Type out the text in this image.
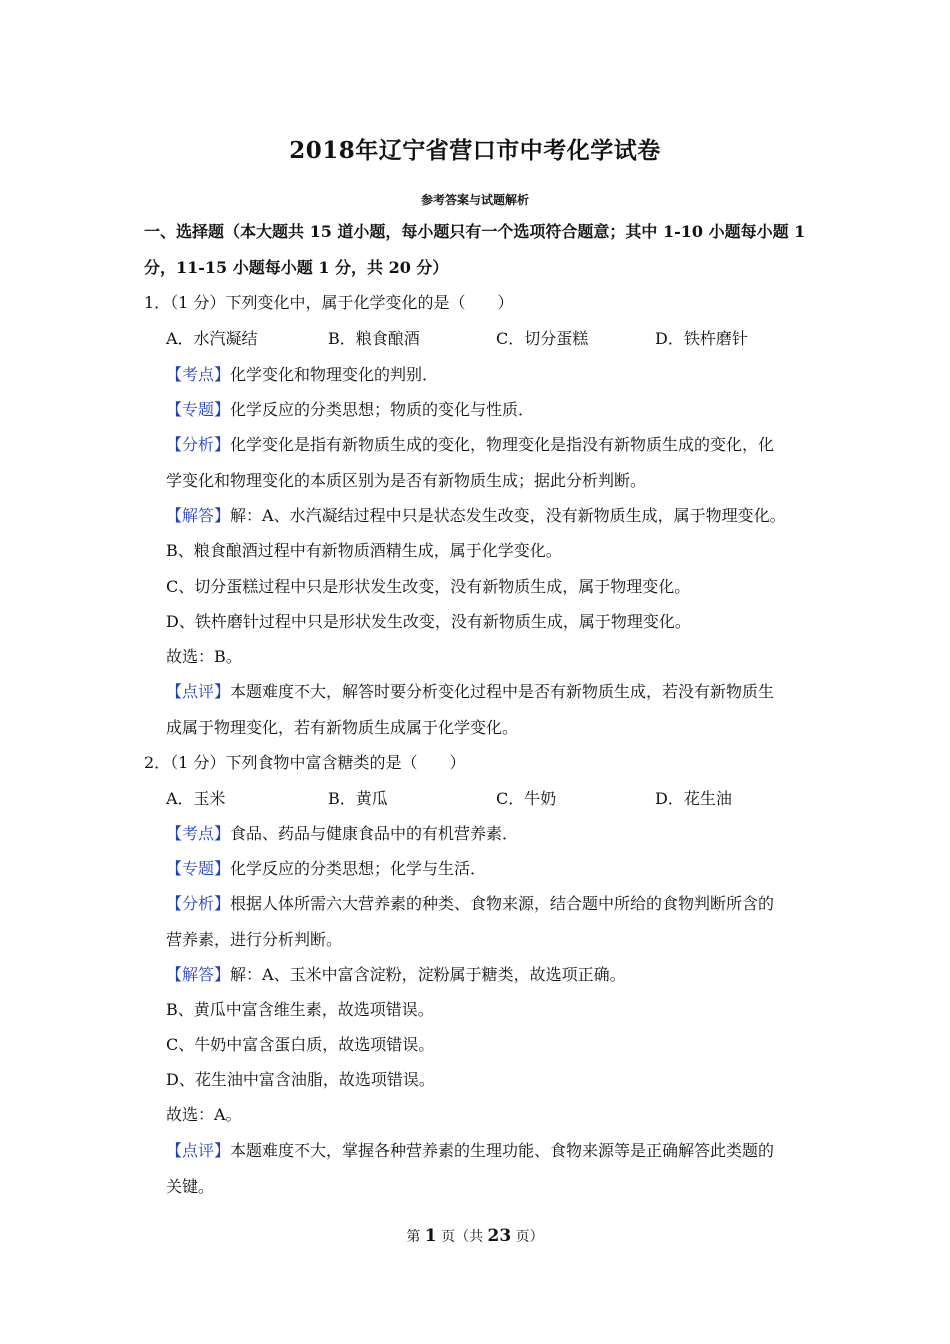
2018年辽宁省营口市中考化学试卷
参考答案与试题解析
一、选择题（本大题共 15 道小题，每小题只有一个选项符合题意；其中 1-10 小题每小题 1
分，11-15 小题每小题 1 分，共 20 分）
1．（1 分）下列变化中，属于化学变化的是（　　）
A．水汽凝结	B．粮食酿酒	C．切分蛋糕	D．铁杵磨针
【考点】化学变化和物理变化的判别．
【专题】化学反应的分类思想；物质的变化与性质．
【分析】化学变化是指有新物质生成的变化，物理变化是指没有新物质生成的变化，化
学变化和物理变化的本质区别为是否有新物质生成；据此分析判断。
【解答】解：A、水汽凝结过程中只是状态发生改变，没有新物质生成，属于物理变化。
B、粮食酿酒过程中有新物质酒精生成，属于化学变化。
C、切分蛋糕过程中只是形状发生改变，没有新物质生成，属于物理变化。
D、铁杵磨针过程中只是形状发生改变，没有新物质生成，属于物理变化。
故选：B。
【点评】本题难度不大，解答时要分析变化过程中是否有新物质生成，若没有新物质生
成属于物理变化，若有新物质生成属于化学变化。
2．（1 分）下列食物中富含糖类的是（　　）
A．玉米	B．黄瓜	C．牛奶	D．花生油
【考点】食品、药品与健康食品中的有机营养素．
【专题】化学反应的分类思想；化学与生活．
【分析】根据人体所需六大营养素的种类、食物来源，结合题中所给的食物判断所含的
营养素，进行分析判断。
【解答】解：A、玉米中富含淀粉，淀粉属于糖类，故选项正确。
B、黄瓜中富含维生素，故选项错误。
C、牛奶中富含蛋白质，故选项错误。
D、花生油中富含油脂，故选项错误。
故选：A。
【点评】本题难度不大，掌握各种营养素的生理功能、食物来源等是正确解答此类题的
关键。
第 1 页（共 23 页）
